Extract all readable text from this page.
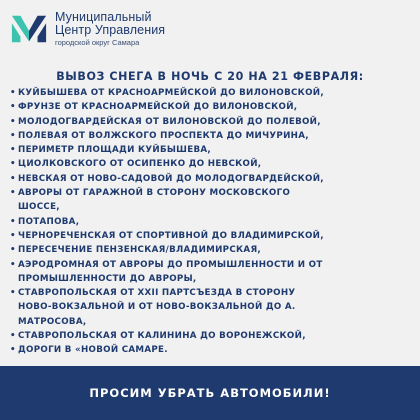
Муниципальный
Центр Управления
городской округ Самара
ВЫВОЗ СНЕГА В НОЧЬ С 20 НА 21 ФЕВРАЛЯ:
• КУЙБЫШЕВА ОТ КРАСНОАРМЕЙСКОЙ ДО ВИЛОНОВСКОЙ,
• ФРУНЗЕ ОТ КРАСНОАРМЕЙСКОЙ ДО ВИЛОНОВСКОЙ,
• МОЛОДОГВАРДЕЙСКАЯ ОТ ВИЛОНОВСКОЙ ДО ПОЛЕВОЙ,
• ПОЛЕВАЯ ОТ ВОЛЖСКОГО ПРОСПЕКТА ДО МИЧУРИНА,
• ПЕРИМЕТР ПЛОЩАДИ КУЙБЫШЕВА,
• ЦИОЛКОВСКОГО ОТ ОСИПЕНКО ДО НЕВСКОЙ,
• НЕВСКАЯ ОТ НОВО-САДОВОЙ ДО МОЛОДОГВАРДЕЙСКОЙ,
• АВРОРЫ ОТ ГАРАЖНОЙ В СТОРОНУ МОСКОВСКОГО
ШОССЕ,
• ПОТАПОВА,
• ЧЕРНОРЕЧЕНСКАЯ ОТ СПОРТИВНОЙ ДО ВЛАДИМИРСКОЙ,
• ПЕРЕСЕЧЕНИЕ ПЕНЗЕНСКАЯ/ВЛАДИМИРСКАЯ,
• АЭРОДРОМНАЯ ОТ АВРОРЫ ДО ПРОМЫШЛЕННОСТИ И ОТ
ПРОМЫШЛЕННОСТИ ДО АВРОРЫ,
• СТАВРОПОЛЬСКАЯ ОТ XXII ПАРТСЪЕЗДА В СТОРОНУ
НОВО-ВОКЗАЛЬНОЙ И ОТ НОВО-ВОКЗАЛЬНОЙ ДО А.
МАТРОСОВА,
• СТАВРОПОЛЬСКАЯ ОТ КАЛИНИНА ДО ВОРОНЕЖСКОЙ,
• ДОРОГИ В «НОВОЙ САМАРЕ.
ПРОСИМ УБРАТЬ АВТОМОБИЛИ!
